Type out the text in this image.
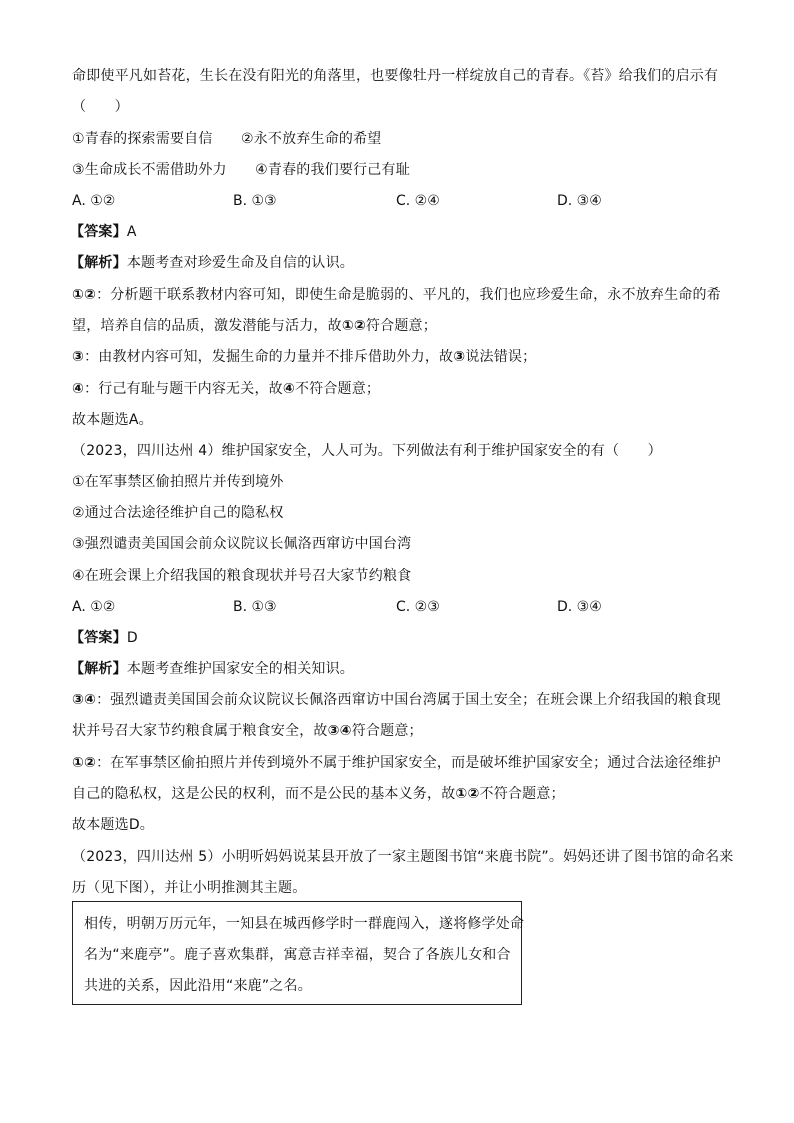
命即使平凡如苔花，生长在没有阳光的角落里，也要像牡丹一样绽放自己的青春。《苔》给我们的启示有
（　　）
①青春的探索需要自信　　②永不放弃生命的希望
③生命成长不需借助外力　　④青春的我们要行己有耻
A. ①②	B. ①③	C. ②④	D. ③④
【答案】A
【解析】本题考查对珍爱生命及自信的认识。
①②：分析题干联系教材内容可知，即使生命是脆弱的、平凡的，我们也应珍爱生命，永不放弃生命的希
望，培养自信的品质，激发潜能与活力，故①②符合题意；
③：由教材内容可知，发掘生命的力量并不排斥借助外力，故③说法错误；
④：行己有耻与题干内容无关，故④不符合题意；
故本题选A。
（2023，四川达州 4）维护国家安全，人人可为。下列做法有利于维护国家安全的有（　　）
①在军事禁区偷拍照片并传到境外
②通过合法途径维护自己的隐私权
③强烈谴责美国国会前众议院议长佩洛西窜访中国台湾
④在班会课上介绍我国的粮食现状并号召大家节约粮食
A. ①②	B. ①③	C. ②③	D. ③④
【答案】D
【解析】本题考查维护国家安全的相关知识。
③④：强烈谴责美国国会前众议院议长佩洛西窜访中国台湾属于国土安全；在班会课上介绍我国的粮食现
状并号召大家节约粮食属于粮食安全，故③④符合题意；
①②：在军事禁区偷拍照片并传到境外不属于维护国家安全，而是破坏维护国家安全；通过合法途径维护
自己的隐私权，这是公民的权利，而不是公民的基本义务，故①②不符合题意；
故本题选D。
（2023，四川达州 5）小明听妈妈说某县开放了一家主题图书馆“来鹿书院”。妈妈还讲了图书馆的命名来
历（见下图），并让小明推测其主题。
相传，明朝万历元年，一知县在城西修学时一群鹿闯入，遂将修学处命
名为“来鹿亭”。鹿子喜欢集群，寓意吉祥幸福，契合了各族儿女和合
共进的关系，因此沿用“来鹿”之名。
